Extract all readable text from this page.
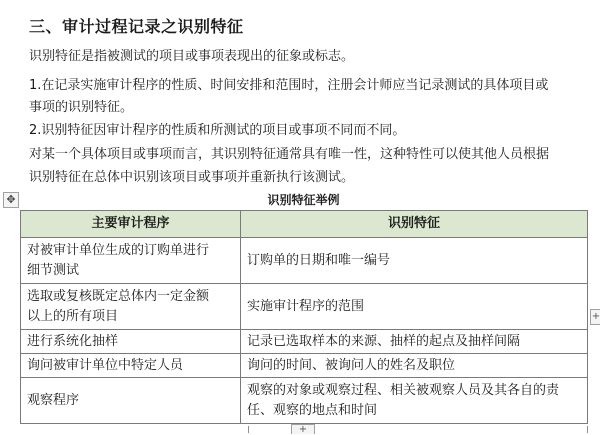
三、审计过程记录之识别特征
识别特征是指被测试的项目或事项表现出的征象或标志。
1.在记录实施审计程序的性质、时间安排和范围时，注册会计师应当记录测试的具体项目或
事项的识别特征。
2.识别特征因审计程序的性质和所测试的项目或事项不同而不同。
对某一个具体项目或事项而言，其识别特征通常具有唯一性，这种特性可以使其他人员根据
识别特征在总体中识别该项目或事项并重新执行该测试。
✥	识别特征举例
主要审计程序	识别特征

对被审计单位生成的订购单进行
细节测试	订购单的日期和唯一编号

选取或复核既定总体内一定金额
以上的所有项目	实施审计程序的范围

进行系统化抽样	记录已选取样本的来源、抽样的起点及抽样间隔

询问被审计单位中特定人员	询问的时间、被询问人的姓名及职位

观察程序	观察的对象或观察过程、相关被观察人员及其各自的责
任、观察的地点和时间
+
+
